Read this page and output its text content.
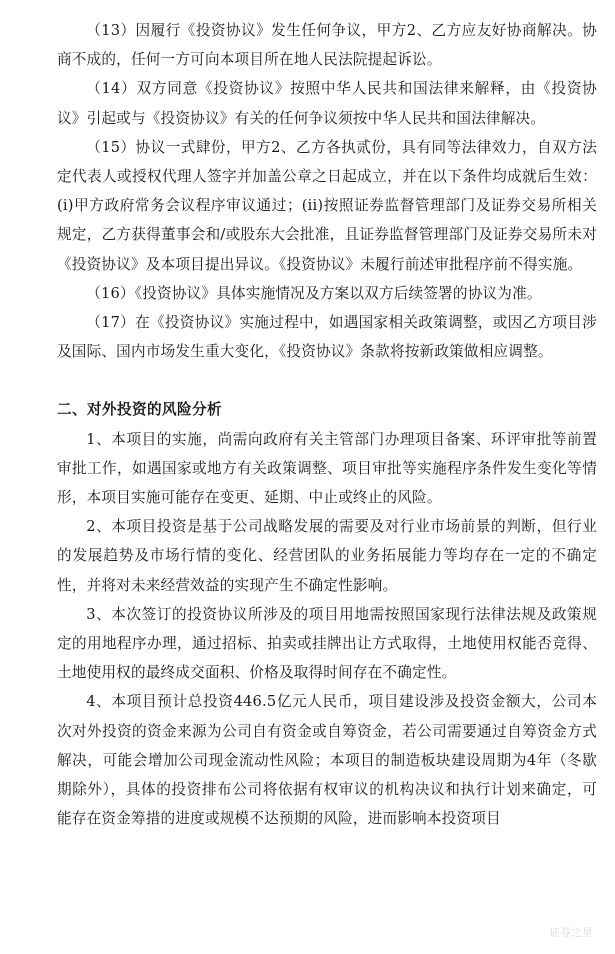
（13）因履行《投资协议》发生任何争议，甲方2、乙方应友好协商解决。协商不成的，任何一方可向本项目所在地人民法院提起诉讼。

（14）双方同意《投资协议》按照中华人民共和国法律来解释，由《投资协议》引起或与《投资协议》有关的任何争议须按中华人民共和国法律解决。

（15）协议一式肆份，甲方2、乙方各执贰份，具有同等法律效力，自双方法定代表人或授权代理人签字并加盖公章之日起成立，并在以下条件均成就后生效：(i)甲方政府常务会议程序审议通过；(ii)按照证券监督管理部门及证券交易所相关规定，乙方获得董事会和/或股东大会批准，且证券监督管理部门及证券交易所未对《投资协议》及本项目提出异议。《投资协议》未履行前述审批程序前不得实施。

（16）《投资协议》具体实施情况及方案以双方后续签署的协议为准。

（17）在《投资协议》实施过程中，如遇国家相关政策调整，或因乙方项目涉及国际、国内市场发生重大变化，《投资协议》条款将按新政策做相应调整。

二、对外投资的风险分析

1、本项目的实施，尚需向政府有关主管部门办理项目备案、环评审批等前置审批工作，如遇国家或地方有关政策调整、项目审批等实施程序条件发生变化等情形，本项目实施可能存在变更、延期、中止或终止的风险。

2、本项目投资是基于公司战略发展的需要及对行业市场前景的判断，但行业的发展趋势及市场行情的变化、经营团队的业务拓展能力等均存在一定的不确定性，并将对未来经营效益的实现产生不确定性影响。

3、本次签订的投资协议所涉及的项目用地需按照国家现行法律法规及政策规定的用地程序办理，通过招标、拍卖或挂牌出让方式取得，土地使用权能否竞得、土地使用权的最终成交面积、价格及取得时间存在不确定性。

4、本项目预计总投资446.5亿元人民币，项目建设涉及投资金额大，公司本次对外投资的资金来源为公司自有资金或自筹资金，若公司需要通过自筹资金方式解决，可能会增加公司现金流动性风险；本项目的制造板块建设周期为4年（冬歇期除外），具体的投资排布公司将依据有权审议的机构决议和执行计划来确定，可能存在资金筹措的进度或规模不达预期的风险，进而影响本投资项目

证券之星
